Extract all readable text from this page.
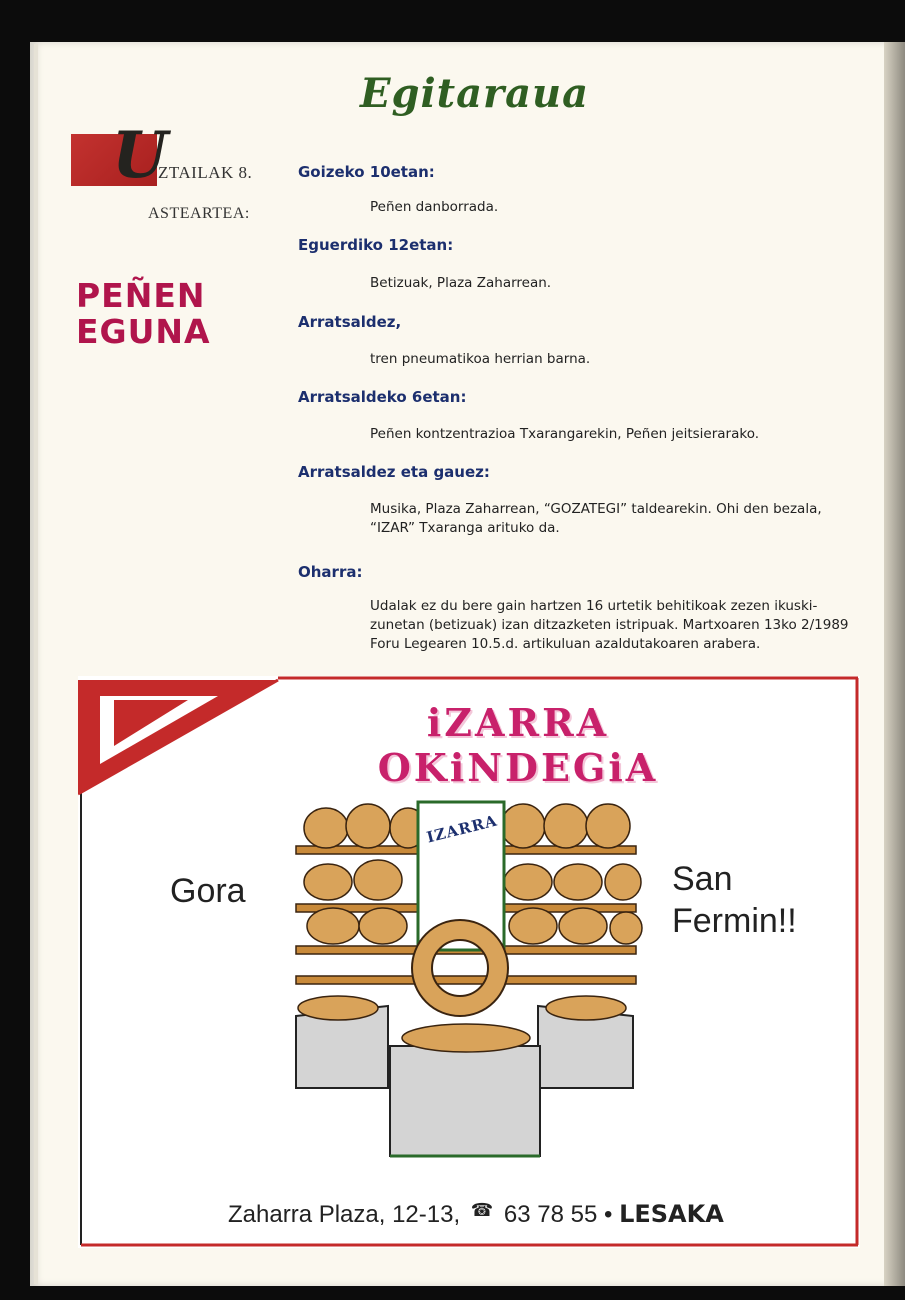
Egitaraua
U
ZTAILAK 8.
ASTEARTEA:
PEÑEN
EGUNA
Goizeko 10etan:
Peñen danborrada.
Eguerdiko 12etan:
Betizuak, Plaza Zaharrean.
Arratsaldez,
tren pneumatikoa herrian barna.
Arratsaldeko 6etan:
Peñen kontzentrazioa Txarangarekin, Peñen jeitsierarako.
Arratsaldez eta gauez:
Musika, Plaza Zaharrean, “GOZATEGI” taldearekin. Ohi den bezala, “IZAR” Txaranga arituko da.
Oharra:
Udalak ez du bere gain hartzen 16 urtetik behitikoak zezen ikuski-zunetan (betizuak) izan ditzazketen istripuak. Martxoaren 13ko 2/1989 Foru Legearen 10.5.d. artikuluan azaldutakoaren arabera.
iZARRA OKiNDEGiA
IZARRA
Gora	San
Fermin!!
Zaharra Plaza, 12-13, ☎ 63 78 55 • LESAKA
